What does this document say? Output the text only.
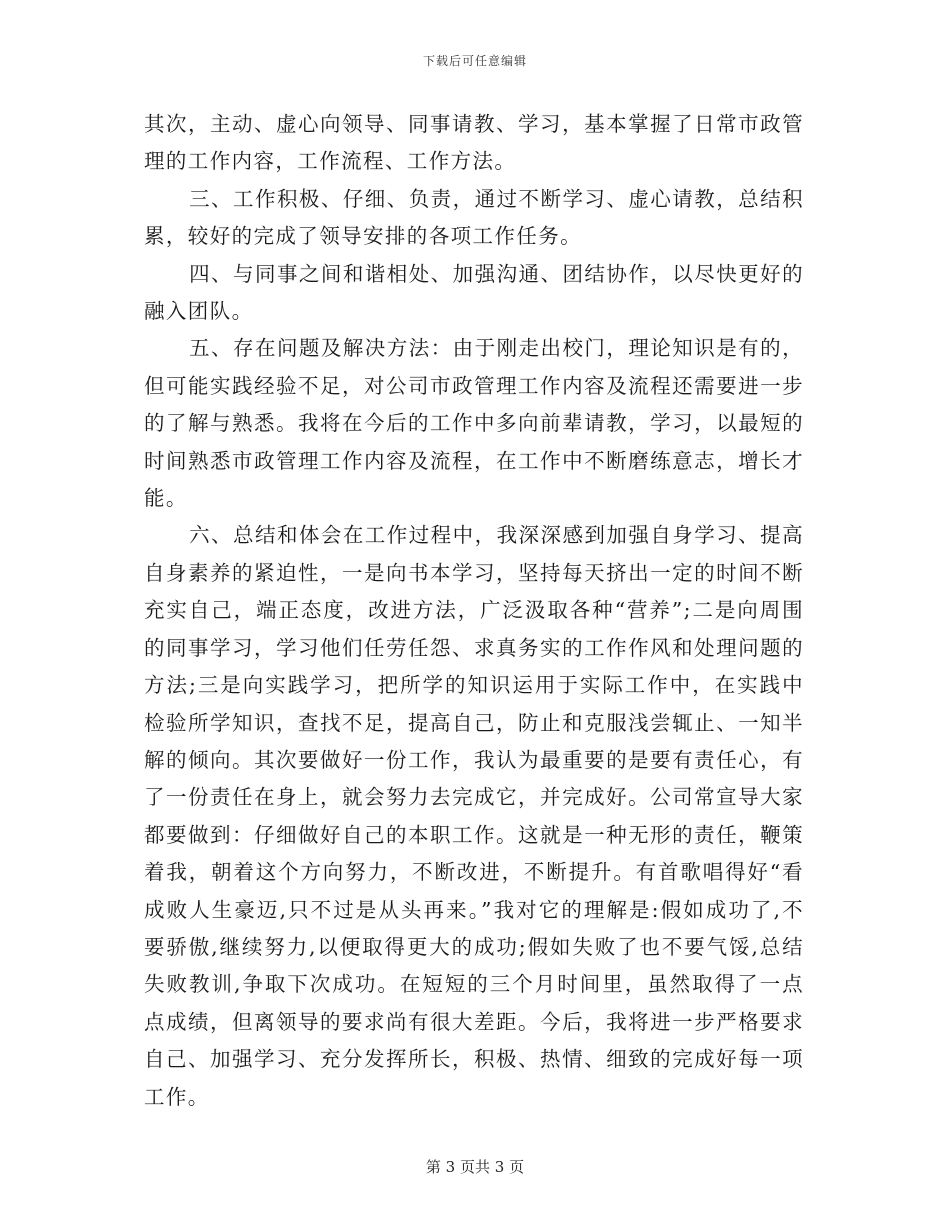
下载后可任意编辑

其次，主动、虚心向领导、同事请教、学习，基本掌握了日常市政管理的工作内容，工作流程、工作方法。

三、工作积极、仔细、负责，通过不断学习、虚心请教，总结积累，较好的完成了领导安排的各项工作任务。

四、与同事之间和谐相处、加强沟通、团结协作，以尽快更好的融入团队。

五、存在问题及解决方法：由于刚走出校门，理论知识是有的，但可能实践经验不足，对公司市政管理工作内容及流程还需要进一步的了解与熟悉。我将在今后的工作中多向前辈请教，学习，以最短的时间熟悉市政管理工作内容及流程，在工作中不断磨练意志，增长才能。

六、总结和体会在工作过程中，我深深感到加强自身学习、提高自身素养的紧迫性，一是向书本学习，坚持每天挤出一定的时间不断充实自己，端正态度，改进方法，广泛汲取各种“营养”;二是向周围的同事学习，学习他们任劳任怨、求真务实的工作作风和处理问题的方法;三是向实践学习，把所学的知识运用于实际工作中，在实践中检验所学知识，查找不足，提高自己，防止和克服浅尝辄止、一知半解的倾向。其次要做好一份工作，我认为最重要的是要有责任心，有了一份责任在身上，就会努力去完成它，并完成好。公司常宣导大家都要做到：仔细做好自己的本职工作。这就是一种无形的责任，鞭策着我，朝着这个方向努力，不断改进，不断提升。有首歌唱得好“看成败人生豪迈,只不过是从头再来。”我对它的理解是:假如成功了,不要骄傲,继续努力,以便取得更大的成功;假如失败了也不要气馁,总结失败教训,争取下次成功。在短短的三个月时间里，虽然取得了一点点成绩，但离领导的要求尚有很大差距。今后，我将进一步严格要求自己、加强学习、充分发挥所长，积极、热情、细致的完成好每一项工作。

第 3 页共 3 页
